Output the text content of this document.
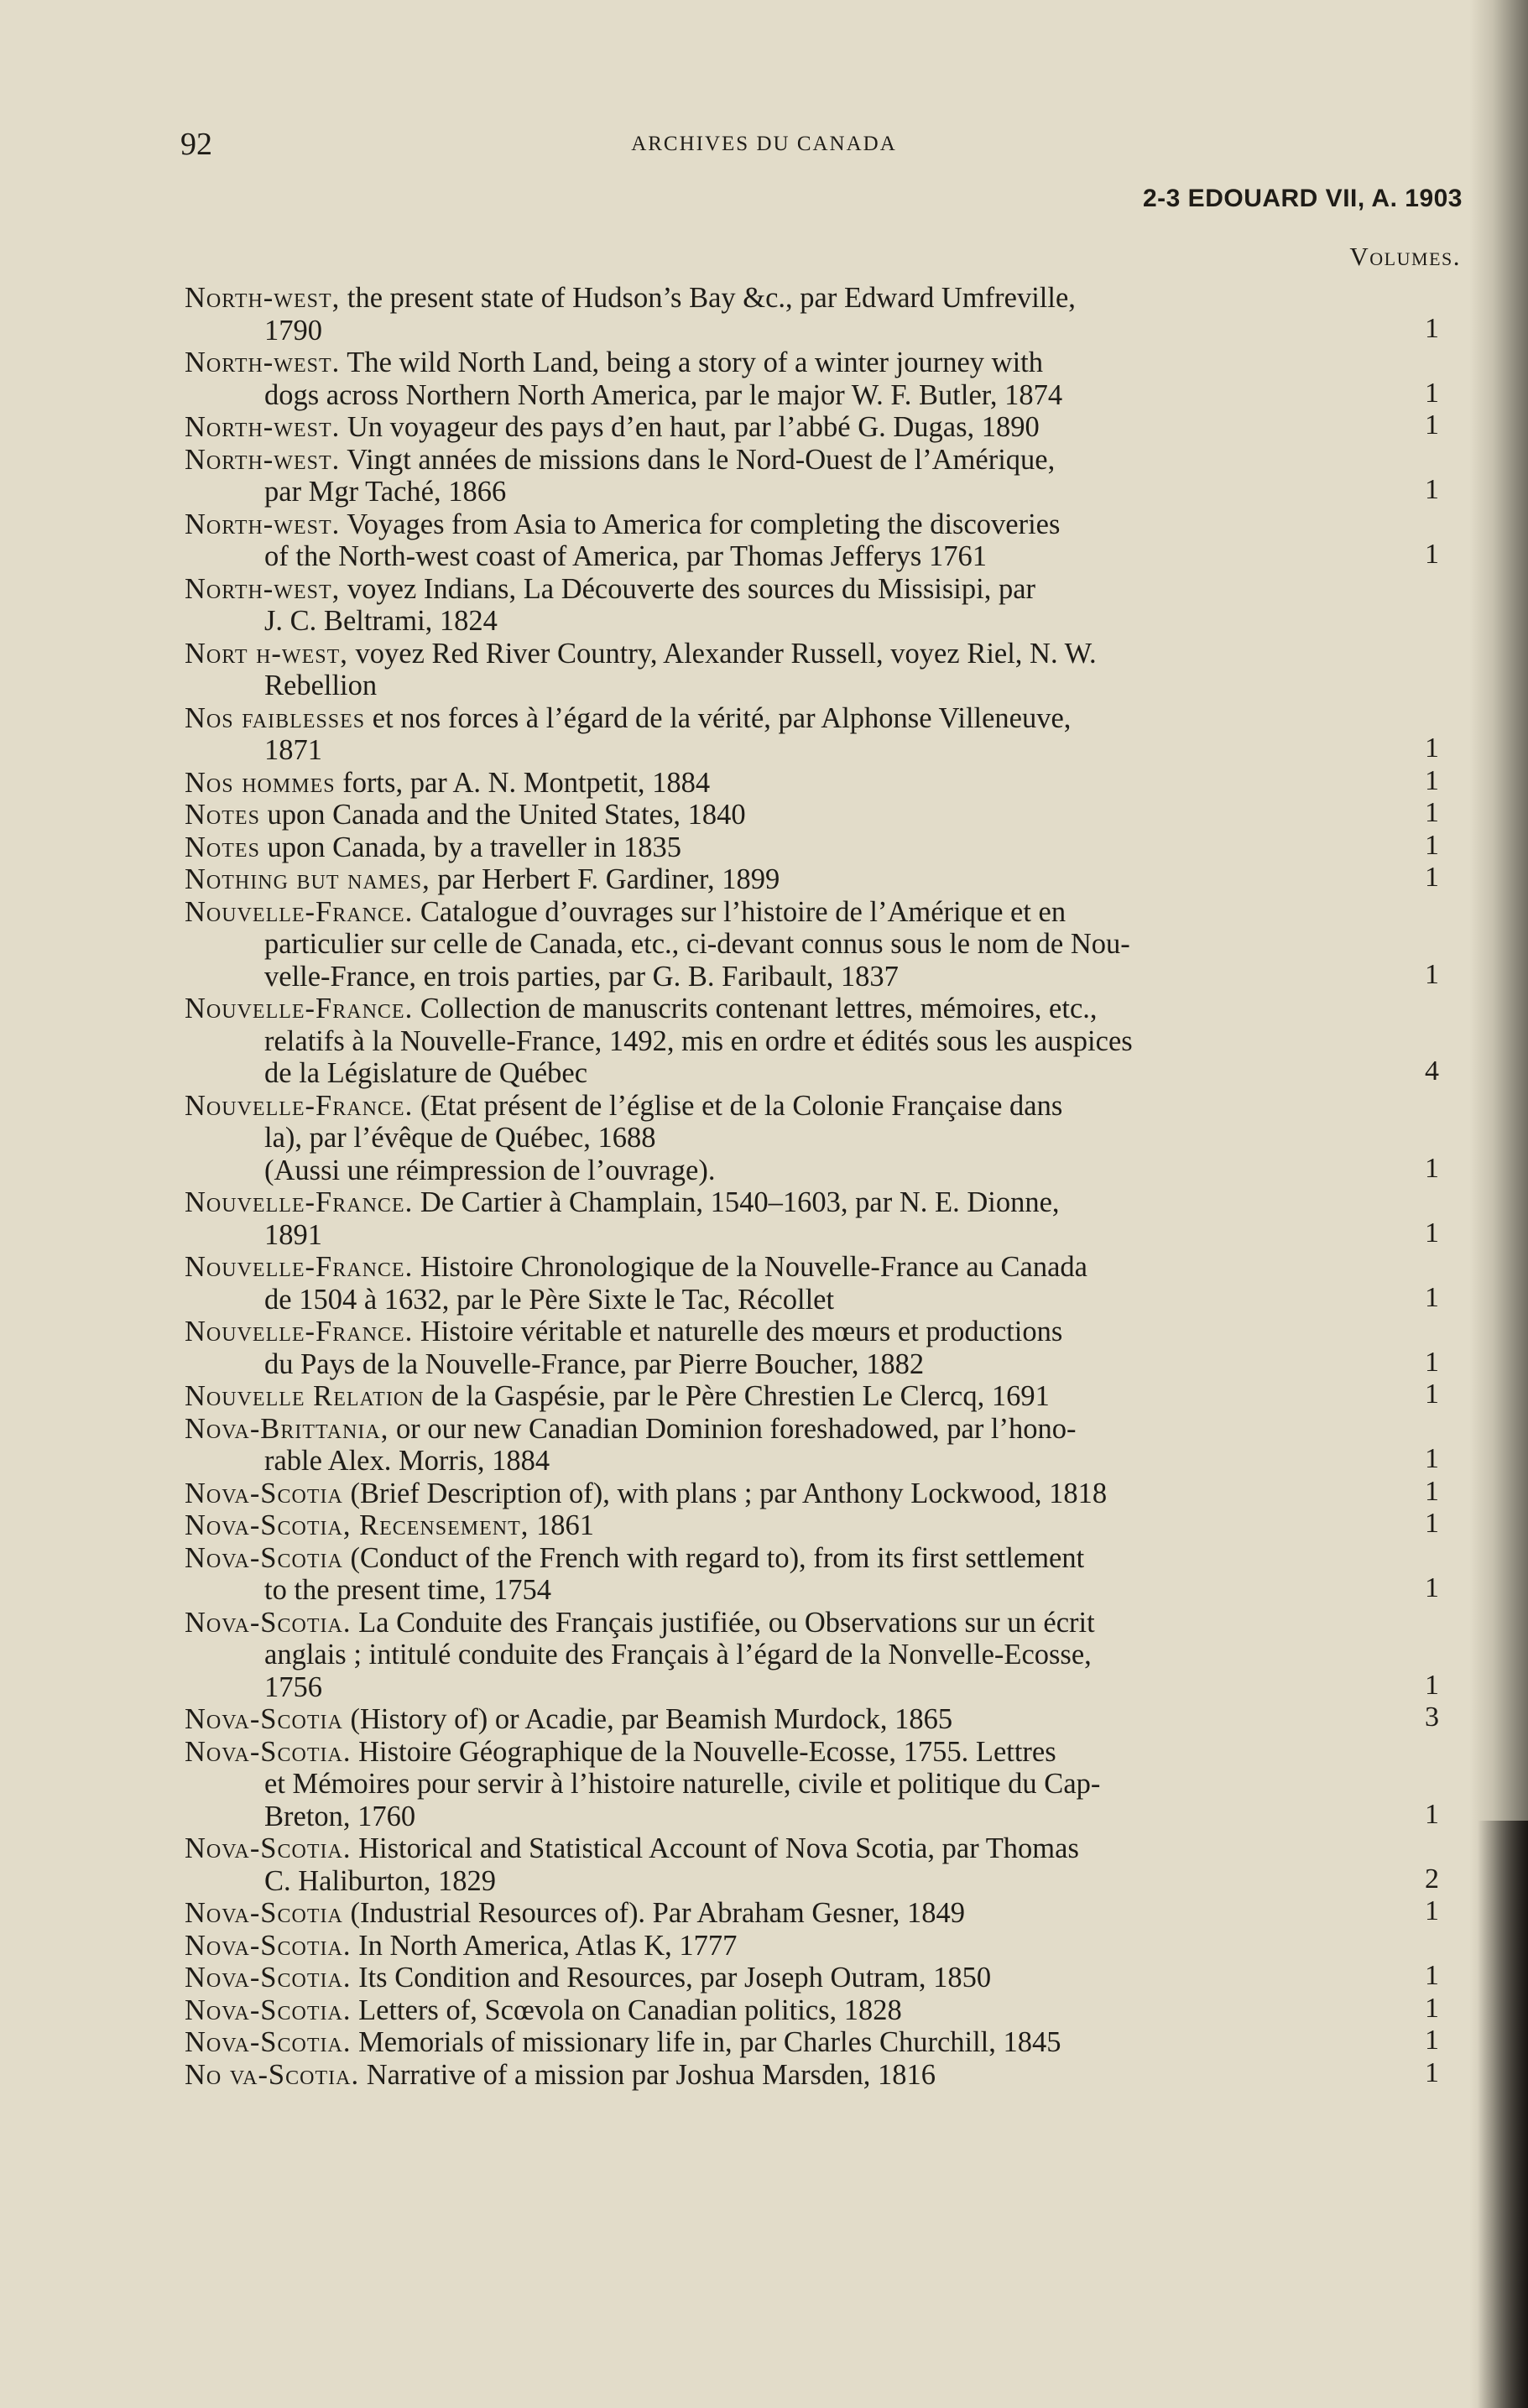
92	ARCHIVES DU CANADA
2-3 EDOUARD VII, A. 1903
Volumes.
North-west, the present state of Hudson’s Bay &c., par Edward Umfreville,
1790	1
North-west. The wild North Land, being a story of a winter journey with
dogs across Northern North America, par le major W. F. Butler, 1874	1
North-west. Un voyageur des pays d’en haut, par l’abbé G. Dugas, 1890	1
North-west. Vingt années de missions dans le Nord-Ouest de l’Amérique,
par Mgr Taché, 1866	1
North-west. Voyages from Asia to America for completing the discoveries
of the North-west coast of America, par Thomas Jefferys 1761	1
North-west, voyez Indians, La Découverte des sources du Missisipi, par
J. C. Beltrami, 1824
Nort h-west, voyez Red River Country, Alexander Russell, voyez Riel, N. W.
Rebellion
Nos faiblesses et nos forces à l’égard de la vérité, par Alphonse Villeneuve,
1871	1
Nos hommes forts, par A. N. Montpetit, 1884	1
Notes upon Canada and the United States, 1840	1
Notes upon Canada, by a traveller in 1835	1
Nothing but names, par Herbert F. Gardiner, 1899	1
Nouvelle-France. Catalogue d’ouvrages sur l’histoire de l’Amérique et en
particulier sur celle de Canada, etc., ci-devant connus sous le nom de Nou-
velle-France, en trois parties, par G. B. Faribault, 1837	1
Nouvelle-France. Collection de manuscrits contenant lettres, mémoires, etc.,
relatifs à la Nouvelle-France, 1492, mis en ordre et édités sous les auspices
de la Législature de Québec	4
Nouvelle-France. (Etat présent de l’église et de la Colonie Française dans
la), par l’évêque de Québec, 1688
(Aussi une réimpression de l’ouvrage).	1
Nouvelle-France. De Cartier à Champlain, 1540–1603, par N. E. Dionne,
1891	1
Nouvelle-France. Histoire Chronologique de la Nouvelle-France au Canada
de 1504 à 1632, par le Père Sixte le Tac, Récollet	1
Nouvelle-France. Histoire véritable et naturelle des mœurs et productions
du Pays de la Nouvelle-France, par Pierre Boucher, 1882	1
Nouvelle Relation de la Gaspésie, par le Père Chrestien Le Clercq, 1691	1
Nova-Brittania, or our new Canadian Dominion foreshadowed, par l’hono-
rable Alex. Morris, 1884	1
Nova-Scotia (Brief Description of), with plans ; par Anthony Lockwood, 1818	1
Nova-Scotia, Recensement, 1861	1
Nova-Scotia (Conduct of the French with regard to), from its first settlement
to the present time, 1754	1
Nova-Scotia. La Conduite des Français justifiée, ou Observations sur un écrit
anglais ; intitulé conduite des Français à l’égard de la Nonvelle-Ecosse,
1756	1
Nova-Scotia (History of) or Acadie, par Beamish Murdock, 1865	3
Nova-Scotia. Histoire Géographique de la Nouvelle-Ecosse, 1755. Lettres
et Mémoires pour servir à l’histoire naturelle, civile et politique du Cap-
Breton, 1760	1
Nova-Scotia. Historical and Statistical Account of Nova Scotia, par Thomas
C. Haliburton, 1829	2
Nova-Scotia (Industrial Resources of). Par Abraham Gesner, 1849	1
Nova-Scotia. In North America, Atlas K, 1777
Nova-Scotia. Its Condition and Resources, par Joseph Outram, 1850	1
Nova-Scotia. Letters of, Scœvola on Canadian politics, 1828	1
Nova-Scotia. Memorials of missionary life in, par Charles Churchill, 1845	1
No va-Scotia. Narrative of a mission par Joshua Marsden, 1816	1
